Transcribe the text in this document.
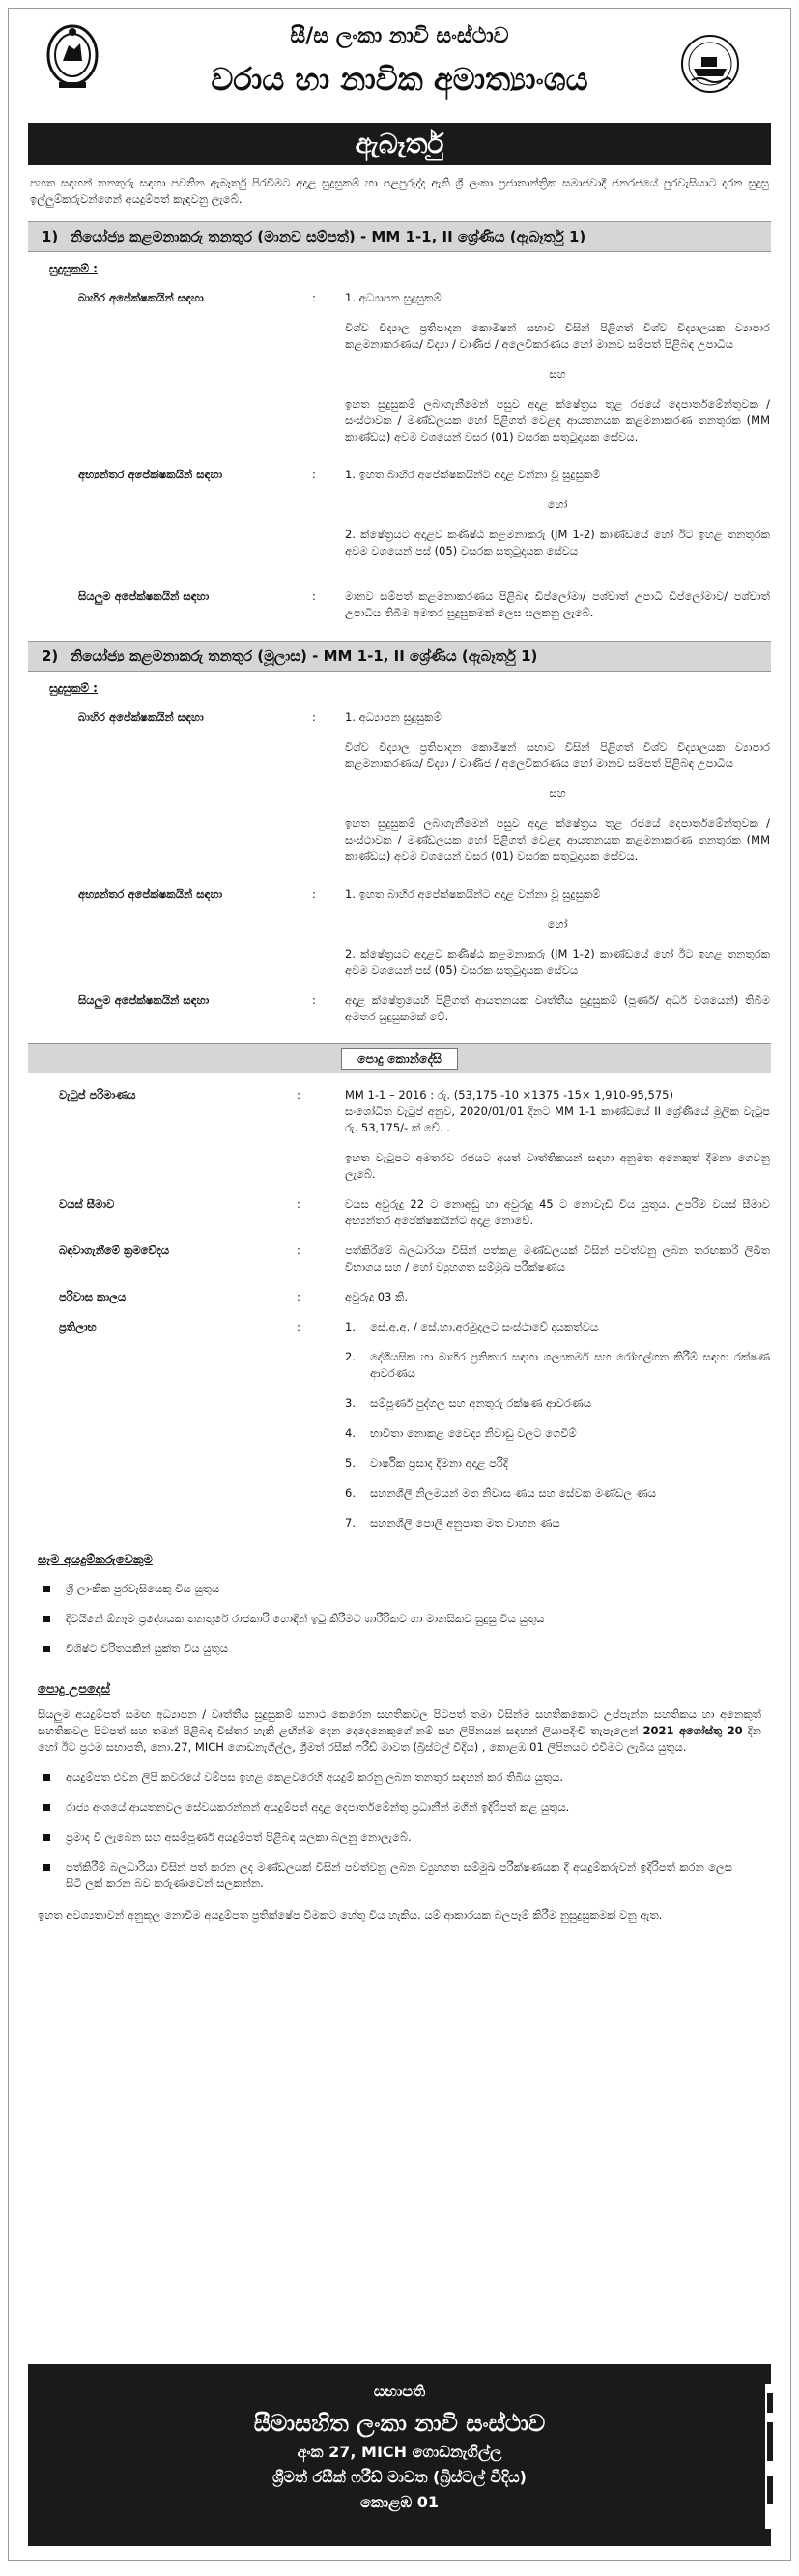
සී/ස ලංකා නාවි සංස්ථාව
වරාය හා නාවික අමාත්‍යාංශය
ඇබෑර්තු
පහත සඳහන් තනතුරු සඳහා පවතින ඇබෑර්තු පිරවීමට අදාළ සුදුසුකම් හා පළපුරුද්ද ඇති ශ්‍රී ලංකා ප්‍රජාතාන්ත්‍රික සමාජවාදී ජනරජයේ පුරවැසියාට දරන සුදුසු ඉල්ලුම්කරුවන්ගෙන් අයදුම්පත් කැඳවනු ලැබේ.
1) නියෝජ්‍ය කළමනාකරු තනතුර (මානව සම්පත්) - MM 1-1, II ශ්‍රේණිය (ඇබෑර්තු 1)
සුදුසුකම් :
බාහිර අපේක්ෂකයින් සඳහා	:	1. අධ්‍යාපන සුදුසුකම්
විශ්ව විද්‍යාල ප්‍රතිපාදන කොමිෂන් සභාව විසින් පිළිගත් විශ්ව විද්‍යාලයක ව්‍යාපාර කළමනාකරණය/ විද්‍යා / වාණිජ / අලෙවිකරණය හෝ මානව සම්පත් පිළිබඳ උපාධිය
සහ
ඉහත සුදුසුකම් ලබාගැනීමෙන් පසුව අදාළ ක්ෂේත්‍රය තුළ රජයේ දෙපාර්තමේන්තුවක / සංස්ථාවක / මණ්ඩලයක හෝ පිළිගත් වෙළඳ ආයතනයක කළමනාකරණ තනතුරක (MM කාණ්ඩය) අවම වශයෙන් වසර (01) වසරක සතුටුදායක සේවය.
අභ්‍යන්තර අපේක්ෂකයින් සඳහා	:	1. ඉහත බාහිර අපේක්ෂකයින්ට අදාළ වන්නා වූ සුදුසුකම්
හෝ
2. ක්ෂේත්‍රයට අදාළව කණිෂ්ඨ කළමනාකරු (JM 1-2) කාණ්ඩයේ හෝ ඊට ඉහළ තනතුරක අවම වශයෙන් පස් (05) වසරක සතුටුදායක සේවය
සියලුම අපේක්ෂකයින් සඳහා	:	මානව සම්පත් කළමනාකරණය පිළිබඳ ඩිප්ලෝමා/ පශ්චාත් උපාධි ඩිප්ලෝමාව/ පශ්චාත් උපාධිය තිබීම අමතර සුදුසුකමක් ලෙස සලකනු ලැබේ.
2) නියෝජ්‍ය කළමනාකරු තනතුර (මූලාස) - MM 1-1, II ශ්‍රේණිය (ඇබෑර්තු 1)
සුදුසුකම් :
බාහිර අපේක්ෂකයින් සඳහා	:	1. අධ්‍යාපන සුදුසුකම්
විශ්ව විද්‍යාල ප්‍රතිපාදන කොමිෂන් සභාව විසින් පිළිගත් විශ්ව විද්‍යාලයක ව්‍යාපාර කළමනාකරණය/ විද්‍යා / වාණිජ / අලෙවිකරණය හෝ මානව සම්පත් පිළිබඳ උපාධිය
සහ
ඉහත සුදුසුකම් ලබාගැනීමෙන් පසුව අදාළ ක්ෂේත්‍රය තුළ රජයේ දෙපාර්තමේන්තුවක / සංස්ථාවක / මණ්ඩලයක හෝ පිළිගත් වෙළඳ ආයතනයක කළමනාකරණ තනතුරක (MM කාණ්ඩය) අවම වශයෙන් වසර (01) වසරක සතුටුදායක සේවය.
අභ්‍යන්තර අපේක්ෂකයින් සඳහා	:	1. ඉහත බාහිර අපේක්ෂකයින්ට අදාළ වන්නා වූ සුදුසුකම්
හෝ
2. ක්ෂේත්‍රයට අදාළව කණිෂ්ඨ කළමනාකරු (JM 1-2) කාණ්ඩයේ හෝ ඊට ඉහළ තනතුරක අවම වශයෙන් පස් (05) වසරක සතුටුදායක සේවය
සියලුම අපේක්ෂකයින් සඳහා	:	අදාළ ක්ෂේත්‍රයෙහි පිළිගත් ආයතනයක වෘත්තීය සුදුසුකම් (පූර්ණ/ අර්ධ වශයෙන්) තිබීම අමතර සුදුසුකමක් වේ.
පොදු කොන්දේසි
වැටුප් පරිමාණය	:	MM 1-1 – 2016 : රු. (53,175 -10 ×1375 -15× 1,910-95,575)
සංශෝධිත වැටුප් අනුව, 2020/01/01 දිනට MM 1-1 කාණ්ඩයේ II ශ්‍රේණියේ මූලික වැටුප රු. 53,175/- ක් වේ. .
ඉහත වැටුපට අමතරව රජයට අයත් වෘත්තිකයන් සඳහා අනුමත අනෙකුත් දීමනා ගෙවනු ලැබේ.
වයස් සීමාව	:	වයස අවුරුදු 22 ට නොඅඩු හා අවුරුදු 45 ට නොවැඩි විය යුතුය. උපරිම වයස් සීමාව අභ්‍යන්තර අපේක්ෂකයින්ට අදාළ නොවේ.
බඳවාගැනීමේ ක්‍රමවේදය	:	පත්කිරීමේ බලධාරියා විසින් පත්කළ මණ්ඩලයක් විසින් පවත්වනු ලබන තරඟකාරී ලිඛිත විභාගය සහ / හෝ ව්‍යුහගත සම්මුඛ පරීක්ෂණය
පරිවාස කාලය	:	අවුරුදු 03 කි.
:
ප්‍රතිලාභ	1.	සේ.අ.අ. / සේ.භා.අරමුදලට සංස්ථාවේ දායකත්වය
2.	දේශීයසික හා බාහිර ප්‍රතිකාර සඳහා ශල්‍යකර්ම සහ රෝහල්ගත කිරීම් සඳහා රක්ෂණ ආවරණය
3.	සම්පූර්ණ පුද්ගල සහ අනතුරු රක්ෂණ ආවරණය
4.	භාවිතා නොකළ වෛද්‍ය නිවාඩු වලට ගෙවීම්
5.	වාර්ෂික ප්‍රසාද දීමනා අදාළ පරිදි
6.	සහනශීලී නිලමයන් මත නිවාස ණය සහ සේවක මණ්ඩල ණය
7.	සහනශීලී පොලී අනුපාත මත වාහන ණය
සෑම අයදුම්කරුවෙකුම
ශ්‍රී ලාංකික පුරවැසියෙකු විය යුතුය
දිවයිනේ ඕනෑම ප්‍රදේශයක තනතුරේ රාජකාරි හොඳින් ඉටු කිරීමට ශාරීරිකව හා මානසිකව සුදුසු විය යුතුය
විශිෂ්ට චරිතයකින් යුක්ත විය යුතුය
පොදු උපදෙස්
සියලුම අයදුම්පත් සමඟ අධ්‍යාපන / වෘත්තීය සුදුසුකම් සනාථ කෙරෙන සහතිකවල පිටපත් තමා විසින්ම සහතිකකොට උප්පැන්න සහතිකය හා අනෙකුත් සහතිකවල පිටපත් සහ තමන් පිළිබඳ විස්තර හැකි ළඟින්ම දෙන දෙදෙනෙකුගේ නම් සහ ලිපිනයන් සඳහන් ලියාපදිංචි තැපෑලෙන් 2021 අගෝස්තු 20 දින හෝ ඊට ප්‍රථම සභාපති, නො.27, MICH ගොඩනැගිල්ල, ශ්‍රීමත් රසීක් ෆරීඩ් මාවත (බ්‍රිස්ටල් වීදිය) , කොළඹ 01 ලිපිනයට එවීමට ලැබිය යුතුය.
අයදුම්පත එවන ලිපි කවරයේ වම්පස ඉහළ කෙළවරෙහි අයදුම් කරනු ලබන තනතුර සඳහන් කර තිබිය යුතුය.
රාජ්‍ය අංශයේ ආයතනවල සේවයකරන්නන් අයදුම්පත් අදාළ දෙපාර්තමේන්තු ප්‍රධානීන් මගින් ඉදිරිපත් කළ යුතුය.
ප්‍රමාද වී ලැබෙන සහ අසම්පූර්ණ අයදුම්පත් පිළිබඳ සලකා බලනු නොලැබේ.
පත්කිරීම් බලධාරියා විසින් පත් කරන ලද මණ්ඩලයක් විසින් පවත්වනු ලබන ව්‍යුහගත සම්මුඛ පරීක්ෂණයක දී අයදුම්කරුවන් ඉදිරිපත් කරන ලෙස සිටී ලක් කරන බව කරුණාවෙන් සලකන්න.
ඉහත අවශ්‍යතාවන් අනුකූල නොවීම අයදුම්පත ප්‍රතික්ෂේප වීමකට හේතු විය හැකිය. යම් ආකාරයක බලපෑම් කිරීම නුසුදුසුකමක් වනු ඇත.
සභාපති
සීමාසහිත ලංකා නාවි සංස්ථාව
අංක 27, MICH ගොඩනැගිල්ල
ශ්‍රීමත් රසීක් ෆරීඩ් මාවත (බ්‍රිස්ටල් වීදිය)
කොළඹ 01
